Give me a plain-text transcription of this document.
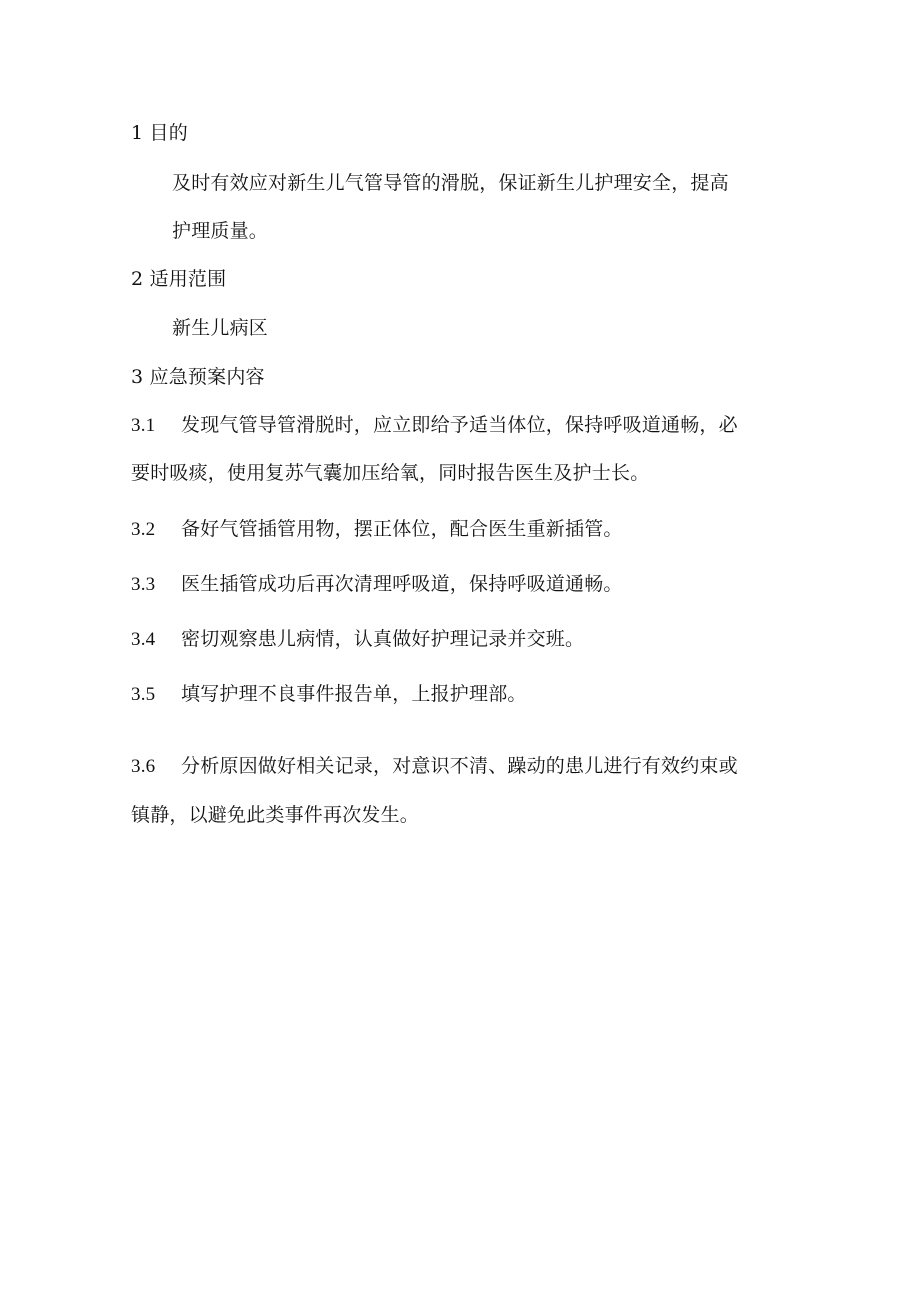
1 目的
及时有效应对新生儿气管导管的滑脱，保证新生儿护理安全，提高
护理质量。
2 适用范围
新生儿病区
3 应急预案内容
3.1 发现气管导管滑脱时，应立即给予适当体位，保持呼吸道通畅，必
要时吸痰，使用复苏气囊加压给氧，同时报告医生及护士长。
3.2 备好气管插管用物，摆正体位，配合医生重新插管。
3.3 医生插管成功后再次清理呼吸道，保持呼吸道通畅。
3.4 密切观察患儿病情，认真做好护理记录并交班。
3.5 填写护理不良事件报告单，上报护理部。
3.6 分析原因做好相关记录，对意识不清、躁动的患儿进行有效约束或
镇静，以避免此类事件再次发生。
